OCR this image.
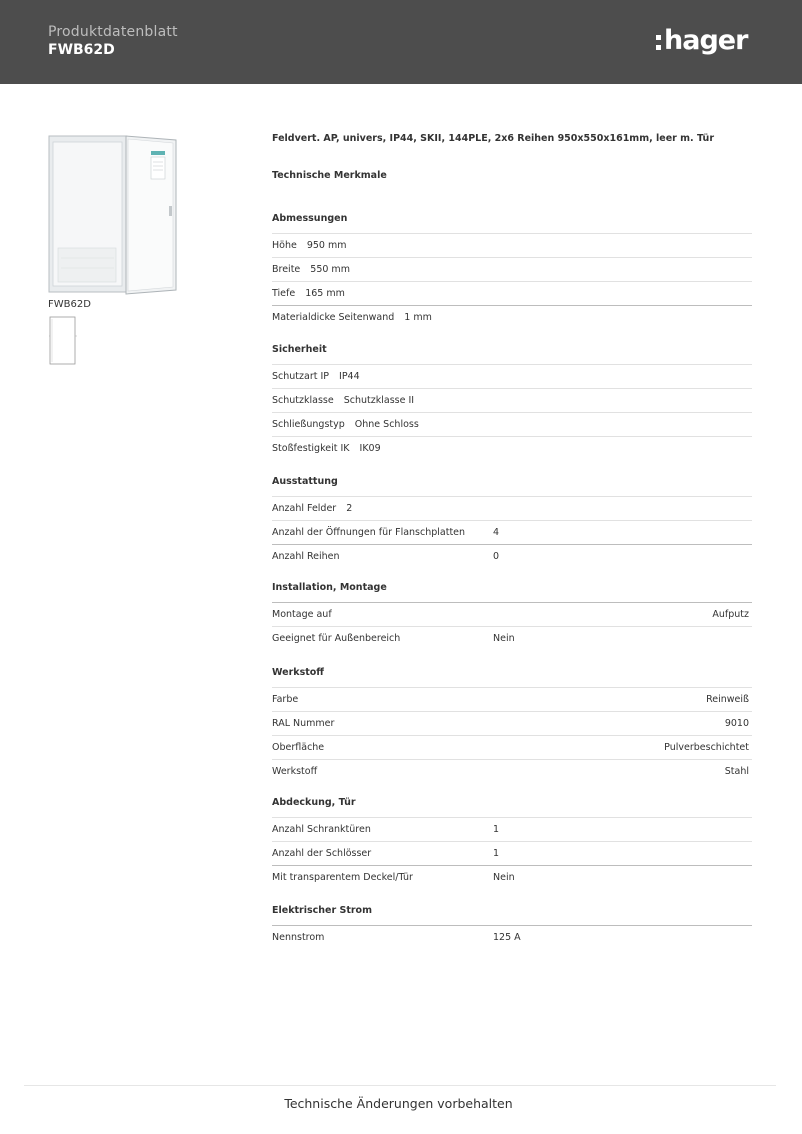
Produktdatenblatt
FWB62D	hager
FWB62D
Feldvert. AP, univers, IP44, SKII, 144PLE, 2x6 Reihen 950x550x161mm, leer m. Tür
Technische Merkmale
Abmessungen
Höhe 950 mm
Breite 550 mm
Tiefe 165 mm
Materialdicke Seitenwand 1 mm
Sicherheit
Schutzart IP IP44
Schutzklasse Schutzklasse II
Schließungstyp Ohne Schloss
Stoßfestigkeit IK IK09
Ausstattung
Anzahl Felder 2
Anzahl der Öffnungen für Flanschplatten	4
Anzahl Reihen	0
Installation, Montage
Montage auf	Aufputz
Geeignet für Außenbereich	Nein
Werkstoff
Farbe	Reinweiß
RAL Nummer	9010
Oberfläche	Pulverbeschichtet
Werkstoff	Stahl
Abdeckung, Tür
Anzahl Schranktüren	1
Anzahl der Schlösser	1
Mit transparentem Deckel/Tür	Nein
Elektrischer Strom
Nennstrom	125 A
Technische Änderungen vorbehalten
